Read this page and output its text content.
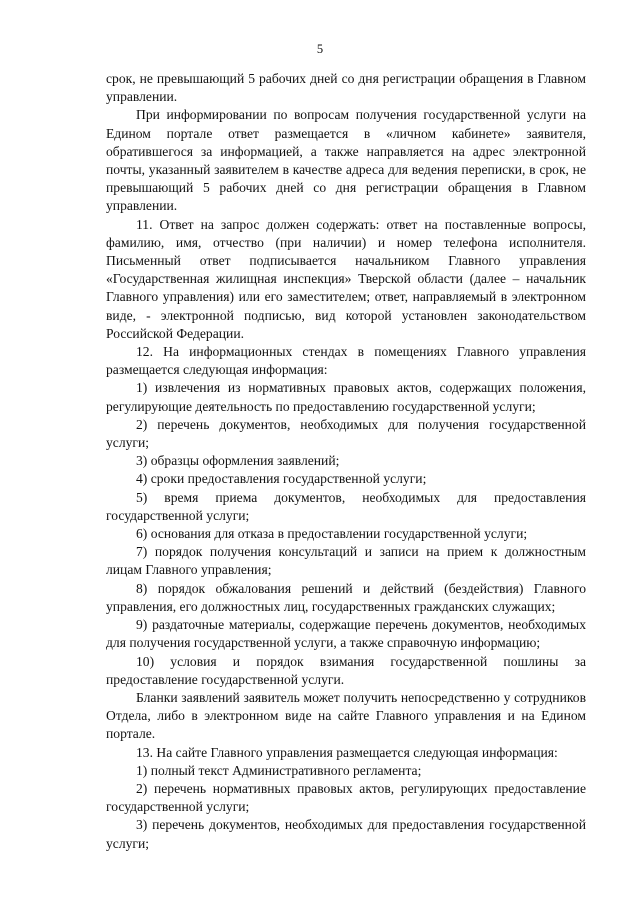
5

срок, не превышающий 5 рабочих дней со дня регистрации обращения в Главном управлении.

При информировании по вопросам получения государственной услуги на Едином портале ответ размещается в «личном кабинете» заявителя, обратившегося за информацией, а также направляется на адрес электронной почты, указанный заявителем в качестве адреса для ведения переписки, в срок, не превышающий 5 рабочих дней со дня регистрации обращения в Главном управлении.

11. Ответ на запрос должен содержать: ответ на поставленные вопросы, фамилию, имя, отчество (при наличии) и номер телефона исполнителя. Письменный ответ подписывается начальником Главного управления «Государственная жилищная инспекция» Тверской области (далее – начальник Главного управления) или его заместителем; ответ, направляемый в электронном виде, - электронной подписью, вид которой установлен законодательством Российской Федерации.

12. На информационных стендах в помещениях Главного управления размещается следующая информация:

1) извлечения из нормативных правовых актов, содержащих положения, регулирующие деятельность по предоставлению государственной услуги;

2) перечень документов, необходимых для получения государственной услуги;

3) образцы оформления заявлений;

4) сроки предоставления государственной услуги;

5) время приема документов, необходимых для предоставления государственной услуги;

6) основания для отказа в предоставлении государственной услуги;

7) порядок получения консультаций и записи на прием к должностным лицам Главного управления;

8) порядок обжалования решений и действий (бездействия) Главного управления, его должностных лиц, государственных гражданских служащих;

9) раздаточные материалы, содержащие перечень документов, необходимых для получения государственной услуги, а также справочную информацию;

10) условия и порядок взимания государственной пошлины за предоставление государственной услуги.

Бланки заявлений заявитель может получить непосредственно у сотрудников Отдела, либо в электронном виде на сайте Главного управления и на Едином портале.

13. На сайте Главного управления размещается следующая информация:

1) полный текст Административного регламента;

2) перечень нормативных правовых актов, регулирующих предоставление государственной услуги;

3) перечень документов, необходимых для предоставления государственной услуги;
